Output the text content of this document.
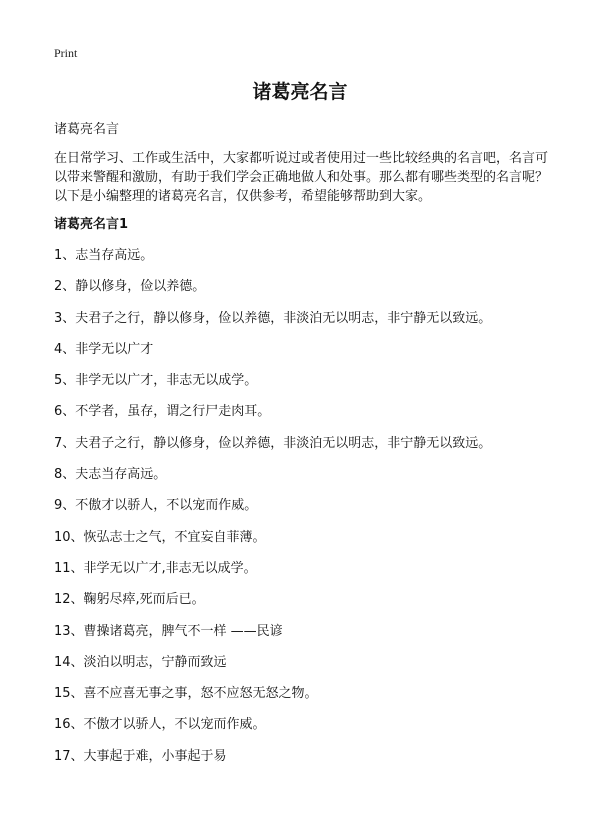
Print
诸葛亮名言

诸葛亮名言

在日常学习、工作或生活中，大家都听说过或者使用过一些比较经典的名言吧，名言可以带来警醒和激励，有助于我们学会正确地做人和处事。那么都有哪些类型的名言呢？以下是小编整理的诸葛亮名言，仅供参考，希望能够帮助到大家。

诸葛亮名言1
1、志当存高远。
2、静以修身，俭以养德。
3、夫君子之行，静以修身，俭以养德，非淡泊无以明志，非宁静无以致远。
4、非学无以广才
5、非学无以广才，非志无以成学。
6、不学者，虽存，谓之行尸走肉耳。
7、夫君子之行，静以修身，俭以养德，非淡泊无以明志，非宁静无以致远。
8、夫志当存高远。
9、不傲才以骄人，不以宠而作威。
10、恢弘志士之气，不宜妄自菲薄。
11、非学无以广才,非志无以成学。
12、鞠躬尽瘁,死而后已。
13、曹操诸葛亮，脾气不一样 ——民谚
14、淡泊以明志，宁静而致远
15、喜不应喜无事之事，怒不应怒无怒之物。
16、不傲才以骄人，不以宠而作威。
17、大事起于难，小事起于易
